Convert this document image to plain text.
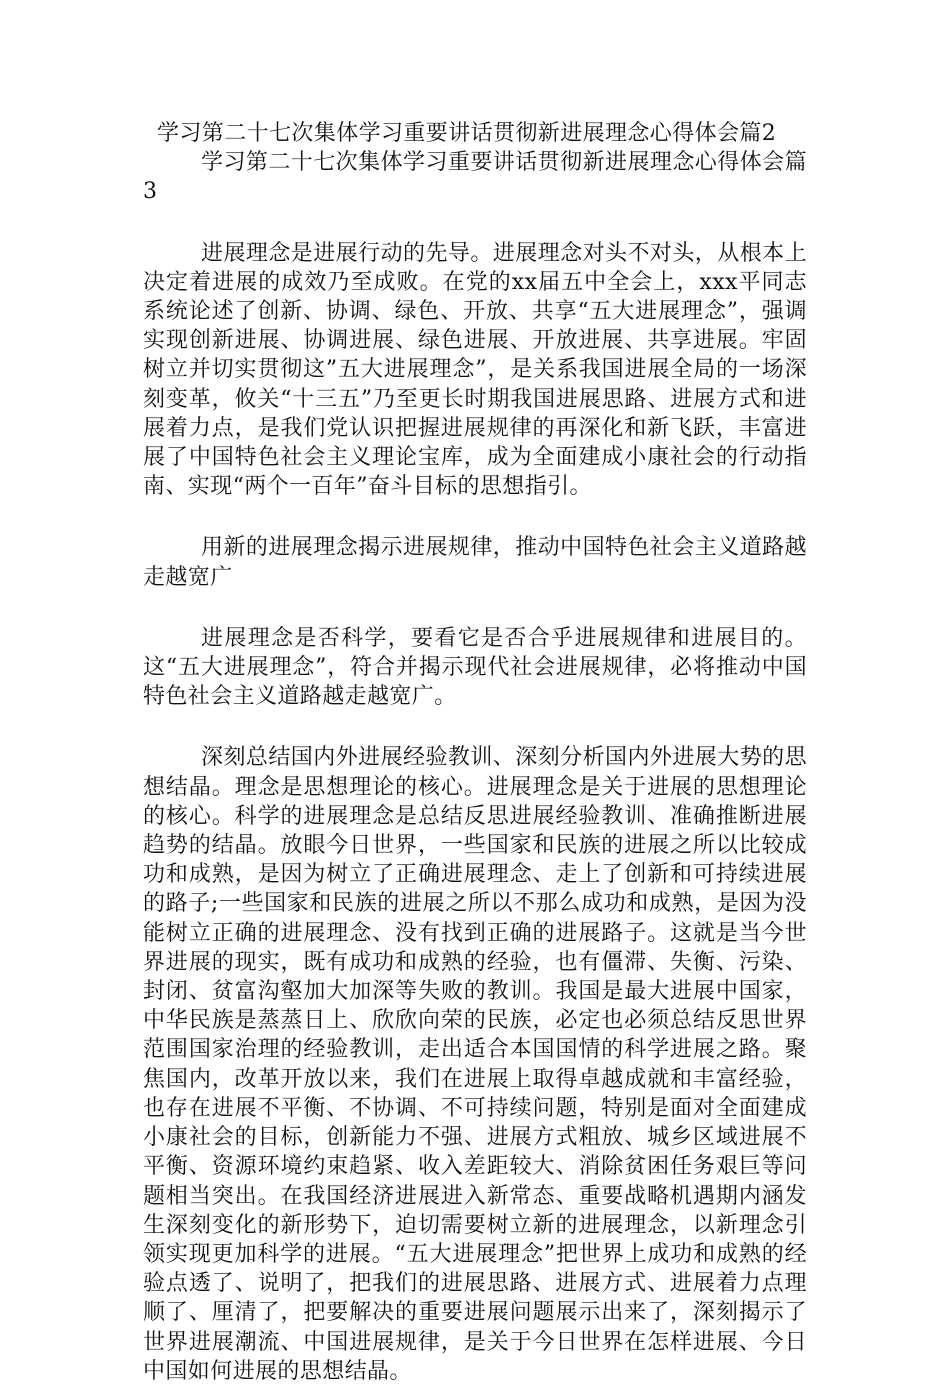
学习第二十七次集体学习重要讲话贯彻新进展理念心得体会篇2

学习第二十七次集体学习重要讲话贯彻新进展理念心得体会篇3

进展理念是进展行动的先导。进展理念对头不对头，从根本上决定着进展的成效乃至成败。在党的xx届五中全会上，xxx平同志系统论述了创新、协调、绿色、开放、共享“五大进展理念”，强调实现创新进展、协调进展、绿色进展、开放进展、共享进展。牢固树立并切实贯彻这”五大进展理念”，是关系我国进展全局的一场深刻变革，攸关“十三五”乃至更长时期我国进展思路、进展方式和进展着力点，是我们党认识把握进展规律的再深化和新飞跃，丰富进展了中国特色社会主义理论宝库，成为全面建成小康社会的行动指南、实现“两个一百年”奋斗目标的思想指引。

用新的进展理念揭示进展规律，推动中国特色社会主义道路越走越宽广

进展理念是否科学，要看它是否合乎进展规律和进展目的。这“五大进展理念”，符合并揭示现代社会进展规律，必将推动中国特色社会主义道路越走越宽广。

深刻总结国内外进展经验教训、深刻分析国内外进展大势的思想结晶。理念是思想理论的核心。进展理念是关于进展的思想理论的核心。科学的进展理念是总结反思进展经验教训、准确推断进展趋势的结晶。放眼今日世界，一些国家和民族的进展之所以比较成功和成熟，是因为树立了正确进展理念、走上了创新和可持续进展的路子;一些国家和民族的进展之所以不那么成功和成熟，是因为没能树立正确的进展理念、没有找到正确的进展路子。这就是当今世界进展的现实，既有成功和成熟的经验，也有僵滞、失衡、污染、封闭、贫富沟壑加大加深等失败的教训。我国是最大进展中国家，中华民族是蒸蒸日上、欣欣向荣的民族，必定也必须总结反思世界范围国家治理的经验教训，走出适合本国国情的科学进展之路。聚焦国内，改革开放以来，我们在进展上取得卓越成就和丰富经验，也存在进展不平衡、不协调、不可持续问题，特别是面对全面建成小康社会的目标，创新能力不强、进展方式粗放、城乡区域进展不平衡、资源环境约束趋紧、收入差距较大、消除贫困任务艰巨等问题相当突出。在我国经济进展进入新常态、重要战略机遇期内涵发生深刻变化的新形势下，迫切需要树立新的进展理念，以新理念引领实现更加科学的进展。“五大进展理念”把世界上成功和成熟的经验点透了、说明了，把我们的进展思路、进展方式、进展着力点理顺了、厘清了，把要解决的重要进展问题展示出来了，深刻揭示了世界进展潮流、中国进展规律，是关于今日世界在怎样进展、今日中国如何进展的思想结晶。
